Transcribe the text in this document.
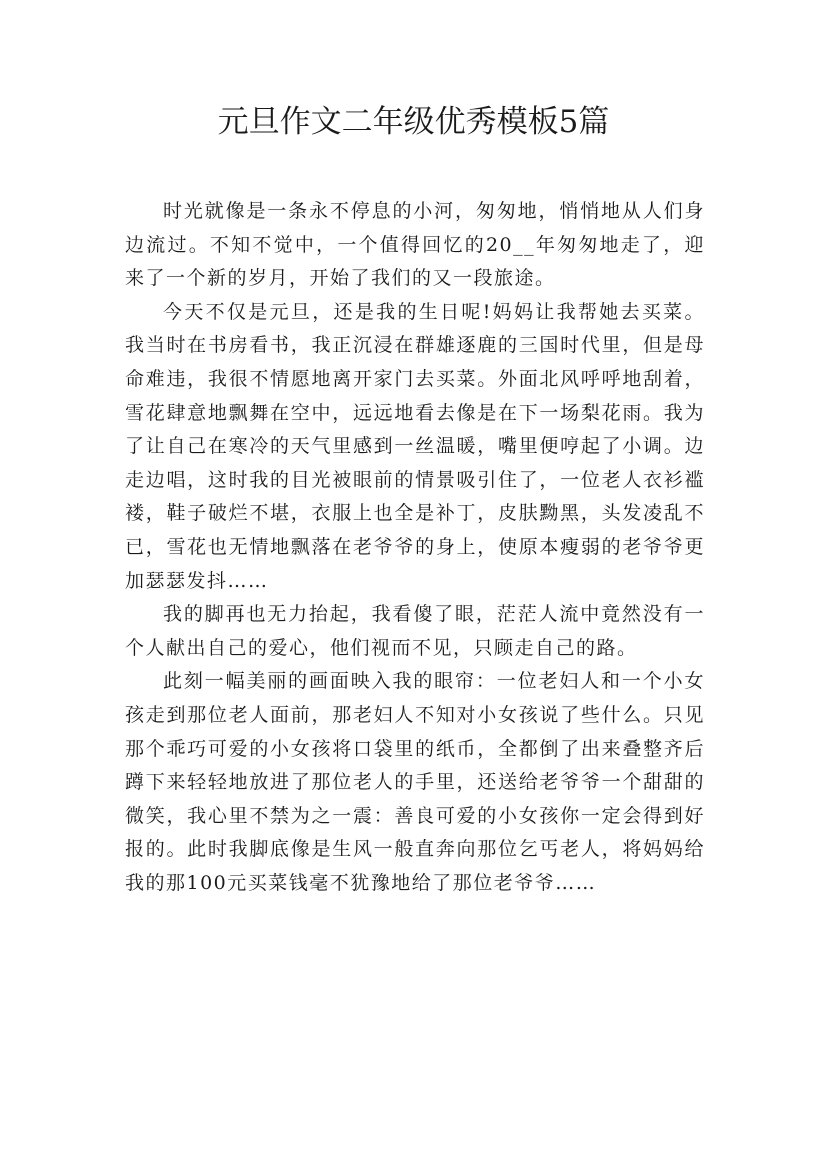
元旦作文二年级优秀模板5篇

时光就像是一条永不停息的小河，匆匆地，悄悄地从人们身边流过。不知不觉中，一个值得回忆的20__年匆匆地走了，迎来了一个新的岁月，开始了我们的又一段旅途。

今天不仅是元旦，还是我的生日呢!妈妈让我帮她去买菜。我当时在书房看书，我正沉浸在群雄逐鹿的三国时代里，但是母命难违，我很不情愿地离开家门去买菜。外面北风呼呼地刮着，雪花肆意地飘舞在空中，远远地看去像是在下一场梨花雨。我为了让自己在寒冷的天气里感到一丝温暖，嘴里便哼起了小调。边走边唱，这时我的目光被眼前的情景吸引住了，一位老人衣衫褴褛，鞋子破烂不堪，衣服上也全是补丁，皮肤黝黑，头发凌乱不已，雪花也无情地飘落在老爷爷的身上，使原本瘦弱的老爷爷更加瑟瑟发抖……

我的脚再也无力抬起，我看傻了眼，茫茫人流中竟然没有一个人献出自己的爱心，他们视而不见，只顾走自己的路。

此刻一幅美丽的画面映入我的眼帘：一位老妇人和一个小女孩走到那位老人面前，那老妇人不知对小女孩说了些什么。只见那个乖巧可爱的小女孩将口袋里的纸币，全都倒了出来叠整齐后蹲下来轻轻地放进了那位老人的手里，还送给老爷爷一个甜甜的微笑，我心里不禁为之一震：善良可爱的小女孩你一定会得到好报的。此时我脚底像是生风一般直奔向那位乞丐老人，将妈妈给我的那100元买菜钱毫不犹豫地给了那位老爷爷……
